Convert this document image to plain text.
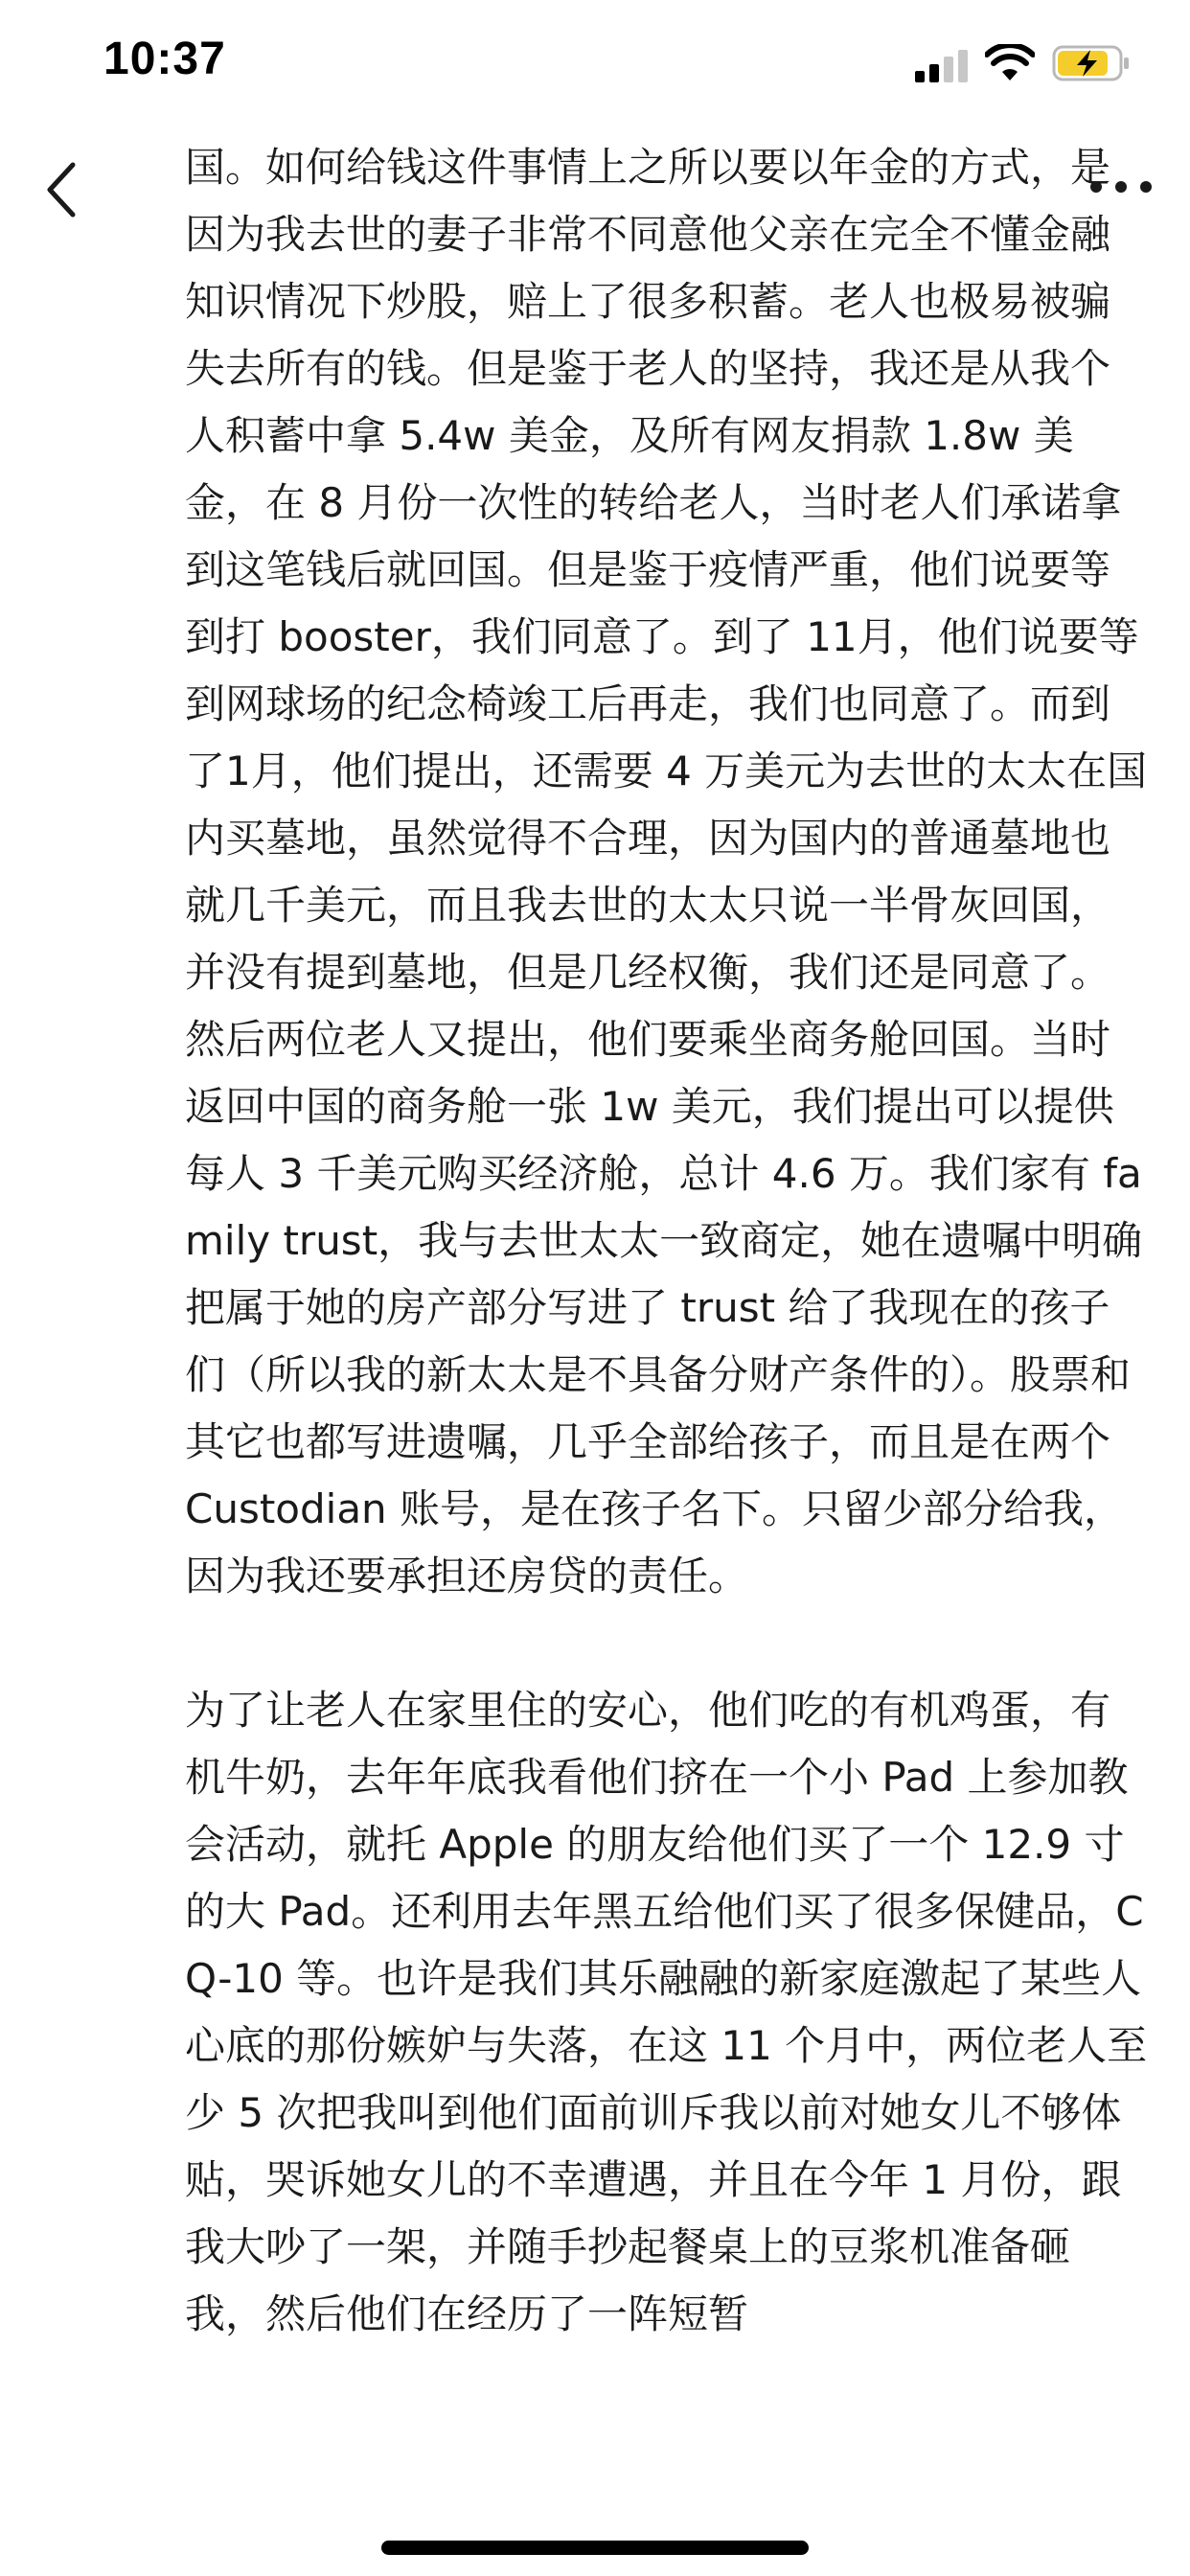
10:37

国。如何给钱这件事情上之所以要以年金的方式，是因为我去世的妻子非常不同意他父亲在完全不懂金融知识情况下炒股，赔上了很多积蓄。老人也极易被骗失去所有的钱。但是鉴于老人的坚持，我还是从我个人积蓄中拿 5.4w 美金，及所有网友捐款 1.8w 美金，在 8 月份一次性的转给老人，当时老人们承诺拿到这笔钱后就回国。但是鉴于疫情严重，他们说要等到打 booster，我们同意了。到了 11月，他们说要等到网球场的纪念椅竣工后再走，我们也同意了。而到了1月，他们提出，还需要 4 万美元为去世的太太在国内买墓地，虽然觉得不合理，因为国内的普通墓地也就几千美元，而且我去世的太太只说一半骨灰回国，并没有提到墓地，但是几经权衡，我们还是同意了。然后两位老人又提出，他们要乘坐商务舱回国。当时返回中国的商务舱一张 1w 美元，我们提出可以提供每人 3 千美元购买经济舱，总计 4.6 万。我们家有 family trust，我与去世太太一致商定，她在遗嘱中明确把属于她的房产部分写进了 trust 给了我现在的孩子们（所以我的新太太是不具备分财产条件的）。股票和其它也都写进遗嘱，几乎全部给孩子，而且是在两个 Custodian 账号，是在孩子名下。只留少部分给我，因为我还要承担还房贷的责任。

为了让老人在家里住的安心，他们吃的有机鸡蛋，有机牛奶，去年年底我看他们挤在一个小 Pad 上参加教会活动，就托 Apple 的朋友给他们买了一个 12.9 寸的大 Pad。还利用去年黑五给他们买了很多保健品，CQ-10 等。也许是我们其乐融融的新家庭激起了某些人心底的那份嫉妒与失落，在这 11 个月中，两位老人至少 5 次把我叫到他们面前训斥我以前对她女儿不够体贴，哭诉她女儿的不幸遭遇，并且在今年 1 月份，跟我大吵了一架，并随手抄起餐桌上的豆浆机准备砸我，然后他们在经历了一阵短暂
